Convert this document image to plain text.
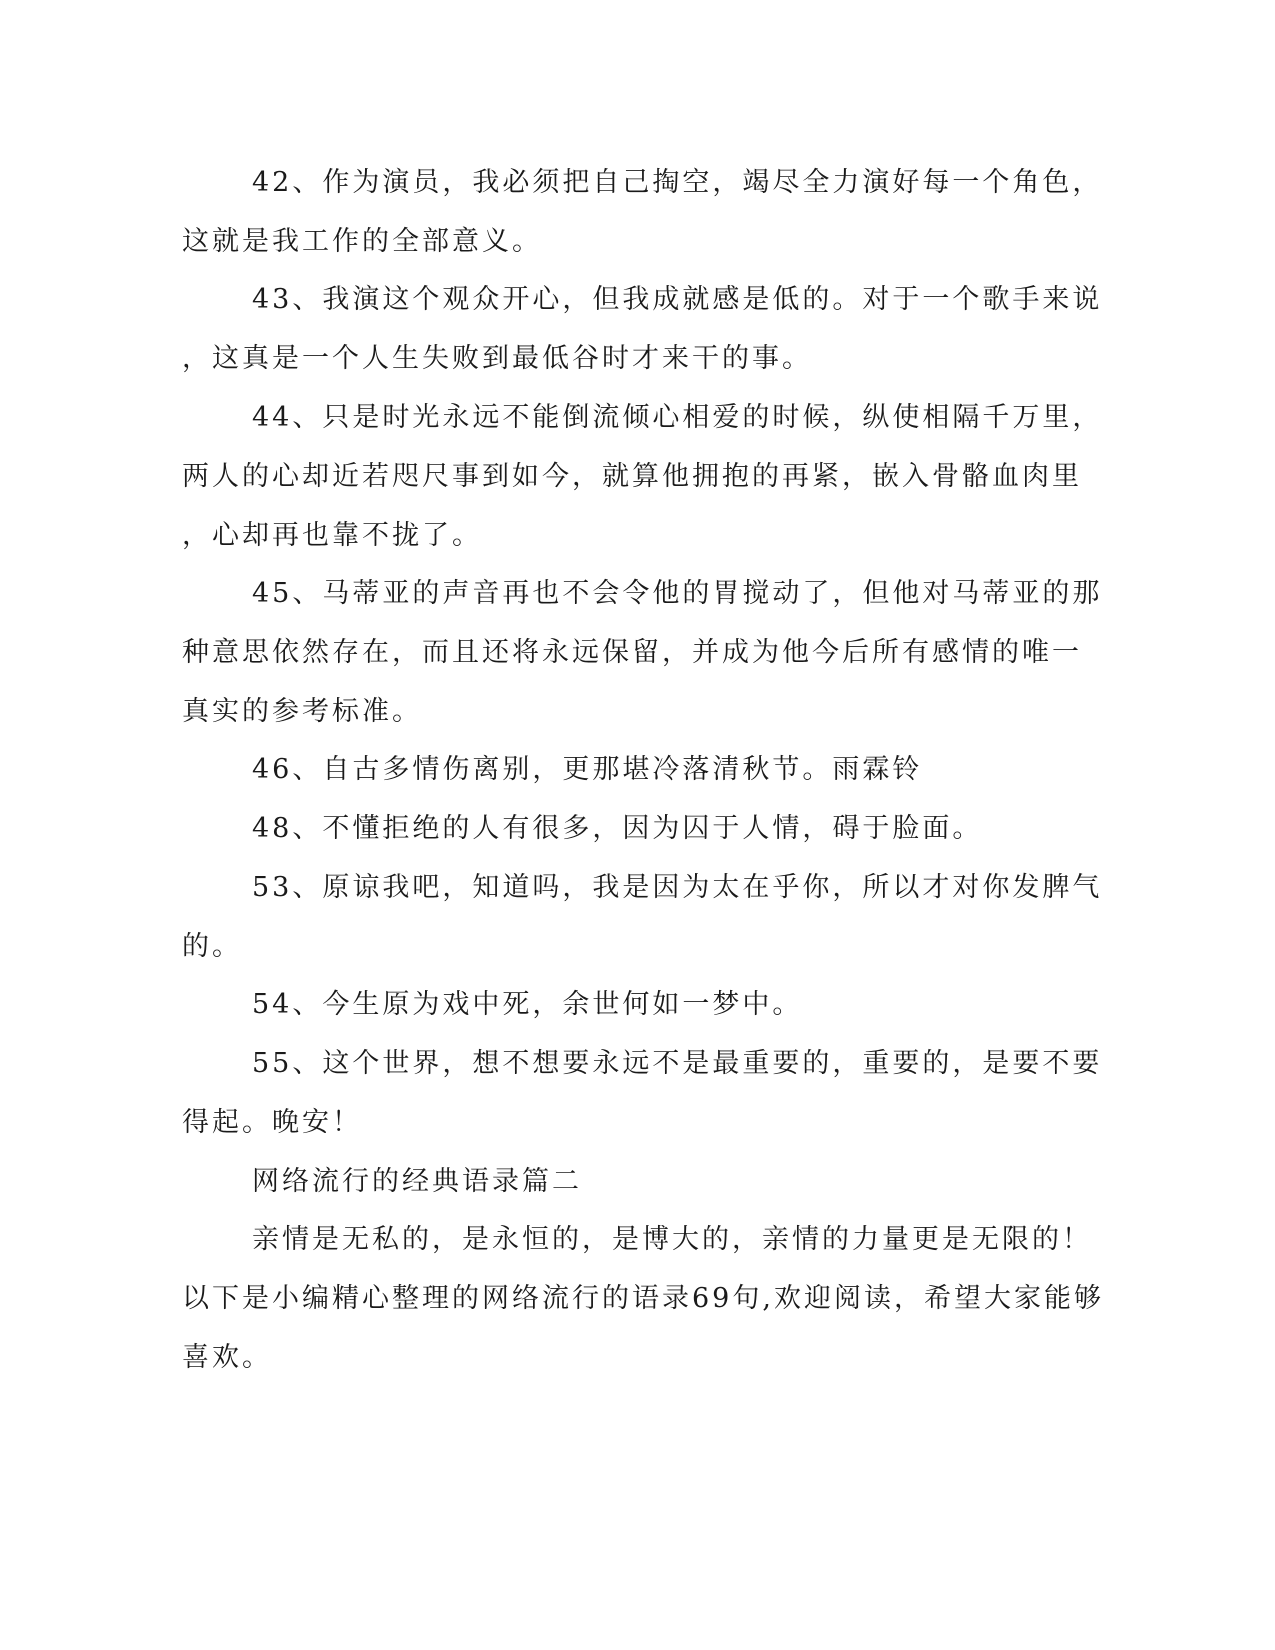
42、作为演员，我必须把自己掏空，竭尽全力演好每一个角色，

这就是我工作的全部意义。

43、我演这个观众开心，但我成就感是低的。对于一个歌手来说

，这真是一个人生失败到最低谷时才来干的事。

44、只是时光永远不能倒流倾心相爱的时候，纵使相隔千万里，

两人的心却近若咫尺事到如今，就算他拥抱的再紧，嵌入骨骼血肉里

，心却再也靠不拢了。

45、马蒂亚的声音再也不会令他的胃搅动了，但他对马蒂亚的那

种意思依然存在，而且还将永远保留，并成为他今后所有感情的唯一

真实的参考标准。

46、自古多情伤离别，更那堪冷落清秋节。雨霖铃

48、不懂拒绝的人有很多，因为囚于人情，碍于脸面。

53、原谅我吧，知道吗，我是因为太在乎你，所以才对你发脾气

的。

54、今生原为戏中死，余世何如一梦中。

55、这个世界，想不想要永远不是最重要的，重要的，是要不要

得起。晚安！

网络流行的经典语录篇二

亲情是无私的，是永恒的，是博大的，亲情的力量更是无限的！

以下是小编精心整理的网络流行的语录69句,欢迎阅读，希望大家能够

喜欢。
